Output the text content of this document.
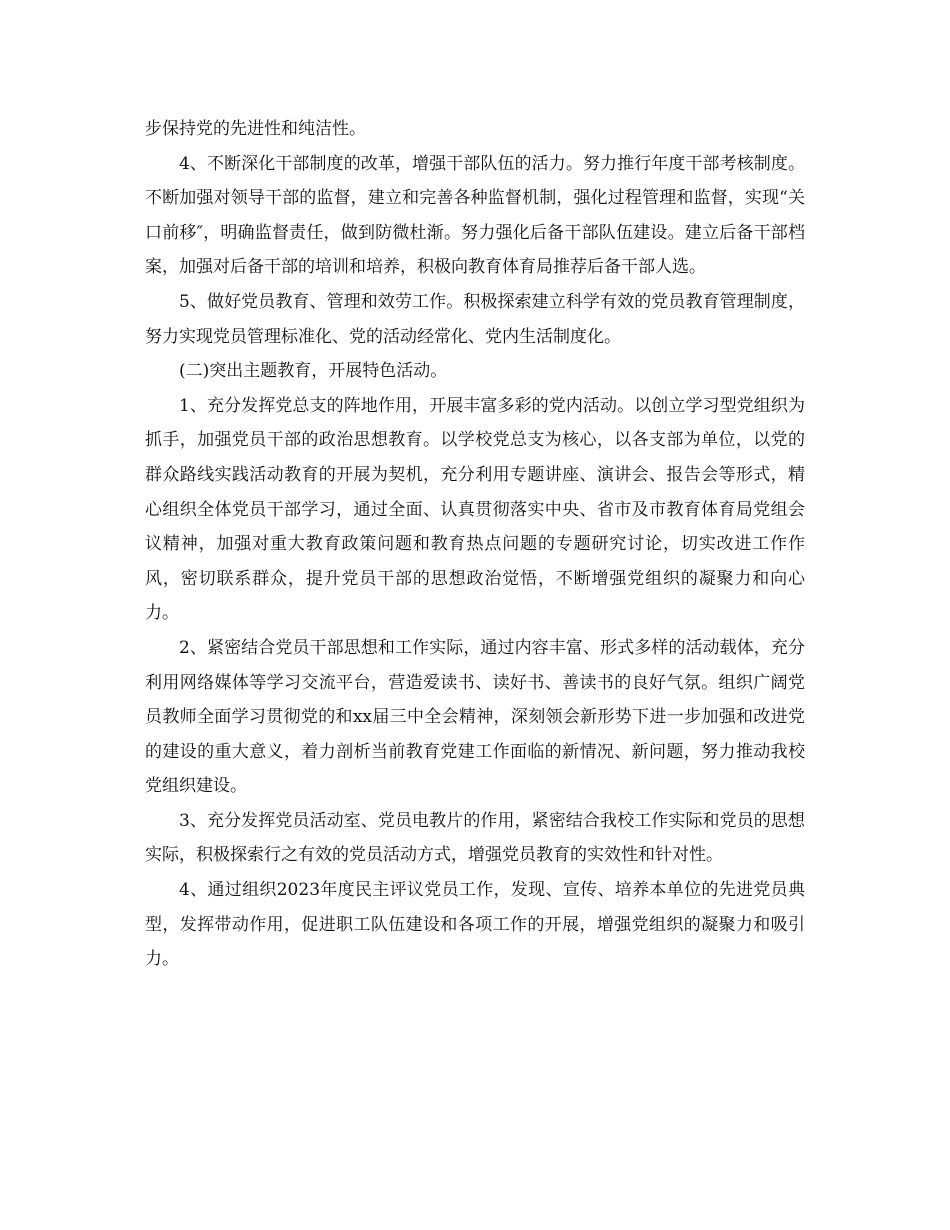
步保持党的先进性和纯洁性。

4、不断深化干部制度的改革，增强干部队伍的活力。努力推行年度干部考核制度。不断加强对领导干部的监督，建立和完善各种监督机制，强化过程管理和监督，实现“关口前移″，明确监督责任，做到防微杜渐。努力强化后备干部队伍建设。建立后备干部档案，加强对后备干部的培训和培养，积极向教育体育局推荐后备干部人选。

5、做好党员教育、管理和效劳工作。积极探索建立科学有效的党员教育管理制度，努力实现党员管理标准化、党的活动经常化、党内生活制度化。

(二)突出主题教育，开展特色活动。

1、充分发挥党总支的阵地作用，开展丰富多彩的党内活动。以创立学习型党组织为抓手，加强党员干部的政治思想教育。以学校党总支为核心，以各支部为单位，以党的群众路线实践活动教育的开展为契机，充分利用专题讲座、演讲会、报告会等形式，精心组织全体党员干部学习，通过全面、认真贯彻落实中央、省市及市教育体育局党组会议精神，加强对重大教育政策问题和教育热点问题的专题研究讨论，切实改进工作作风，密切联系群众，提升党员干部的思想政治觉悟，不断增强党组织的凝聚力和向心力。

2、紧密结合党员干部思想和工作实际，通过内容丰富、形式多样的活动载体，充分利用网络媒体等学习交流平台，营造爱读书、读好书、善读书的良好气氛。组织广阔党员教师全面学习贯彻党的和xx届三中全会精神，深刻领会新形势下进一步加强和改进党的建设的重大意义，着力剖析当前教育党建工作面临的新情况、新问题，努力推动我校党组织建设。

3、充分发挥党员活动室、党员电教片的作用，紧密结合我校工作实际和党员的思想实际，积极探索行之有效的党员活动方式，增强党员教育的实效性和针对性。

4、通过组织2023年度民主评议党员工作，发现、宣传、培养本单位的先进党员典型，发挥带动作用，促进职工队伍建设和各项工作的开展，增强党组织的凝聚力和吸引力。
